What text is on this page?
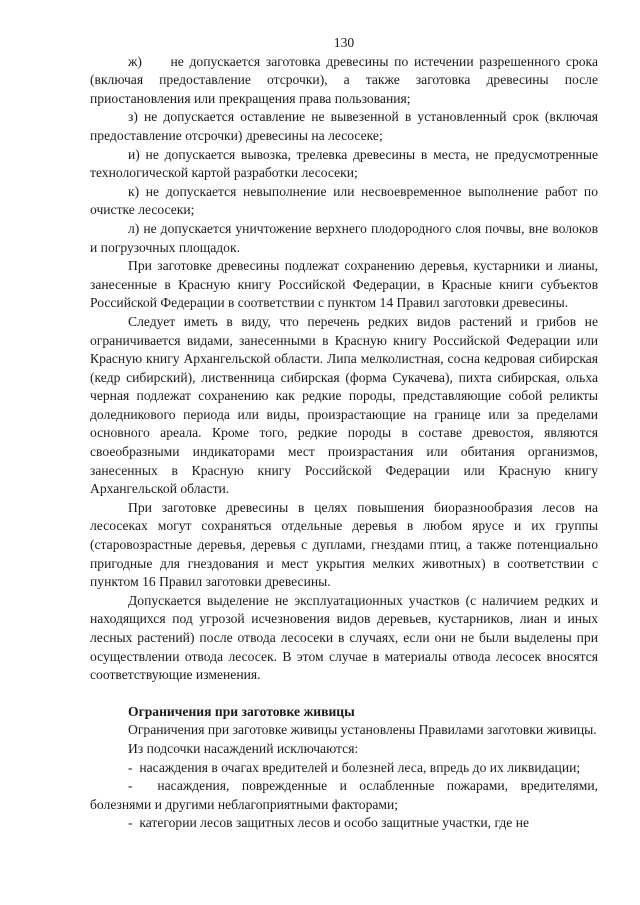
130

ж)     не допускается заготовка древесины по истечении разрешенного срока (включая предоставление отсрочки), а также заготовка древесины после приостановления или прекращения права пользования;

з) не допускается оставление не вывезенной в установленный срок (включая предоставление отсрочки) древесины на лесосеке;

и) не допускается вывозка, трелевка древесины в места, не предусмотренные технологической картой разработки лесосеки;

к) не допускается невыполнение или несвоевременное выполнение работ по очистке лесосеки;

л) не допускается уничтожение верхнего плодородного слоя почвы, вне волоков и погрузочных площадок.

При заготовке древесины подлежат сохранению деревья, кустарники и лианы, занесенные в Красную книгу Российской Федерации, в Красные книги субъектов Российской Федерации в соответствии с пунктом 14 Правил заготовки древесины.

Следует иметь в виду, что перечень редких видов растений и грибов не ограничивается видами, занесенными в Красную книгу Российской Федерации или Красную книгу Архангельской области. Липа мелколистная, сосна кедровая сибирская (кедр сибирский), лиственница сибирская (форма Сукачева), пихта сибирская, ольха черная подлежат сохранению как редкие породы, представляющие собой реликты доледникового периода или виды, произрастающие на границе или за пределами основного ареала. Кроме того, редкие породы в составе древостоя, являются своеобразными индикаторами мест произрастания или обитания организмов, занесенных в Красную книгу Российской Федерации или Красную книгу Архангельской области.

При заготовке древесины в целях повышения биоразнообразия лесов на лесосеках могут сохраняться отдельные деревья в любом ярусе и их группы (старовозрастные деревья, деревья с дуплами, гнездами птиц, а также потенциально пригодные для гнездования и мест укрытия мелких животных) в соответствии с пунктом 16 Правил заготовки древесины.

Допускается выделение не эксплуатационных участков (с наличием редких и находящихся под угрозой исчезновения видов деревьев, кустарников, лиан и иных лесных растений) после отвода лесосеки в случаях, если они не были выделены при осуществлении отвода лесосек. В этом случае в материалы отвода лесосек вносятся соответствующие изменения.

Ограничения при заготовке живицы

Ограничения при заготовке живицы установлены Правилами заготовки живицы.

Из подсочки насаждений исключаются:

-  насаждения в очагах вредителей и болезней леса, впредь до их ликвидации;

-  насаждения, поврежденные и ослабленные пожарами, вредителями, болезнями и другими неблагоприятными факторами;

-  категории лесов защитных лесов и особо защитные участки, где не
